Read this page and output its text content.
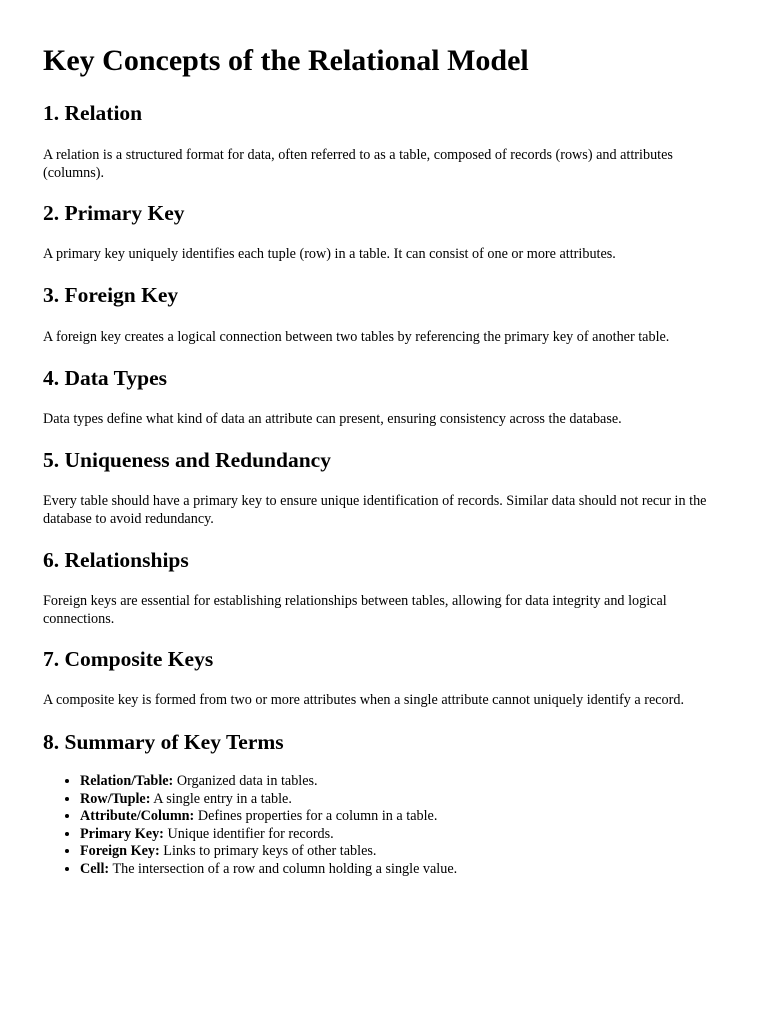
Key Concepts of the Relational Model
1. Relation

A relation is a structured format for data, often referred to as a table, composed of records (rows) and attributes (columns).

2. Primary Key

A primary key uniquely identifies each tuple (row) in a table. It can consist of one or more attributes.

3. Foreign Key

A foreign key creates a logical connection between two tables by referencing the primary key of another table.

4. Data Types

Data types define what kind of data an attribute can present, ensuring consistency across the database.

5. Uniqueness and Redundancy

Every table should have a primary key to ensure unique identification of records. Similar data should not recur in the database to avoid redundancy.

6. Relationships

Foreign keys are essential for establishing relationships between tables, allowing for data integrity and logical connections.

7. Composite Keys

A composite key is formed from two or more attributes when a single attribute cannot uniquely identify a record.

8. Summary of Key Terms
• Relation/Table: Organized data in tables.
• Row/Tuple: A single entry in a table.
• Attribute/Column: Defines properties for a column in a table.
• Primary Key: Unique identifier for records.
• Foreign Key: Links to primary keys of other tables.
• Cell: The intersection of a row and column holding a single value.
